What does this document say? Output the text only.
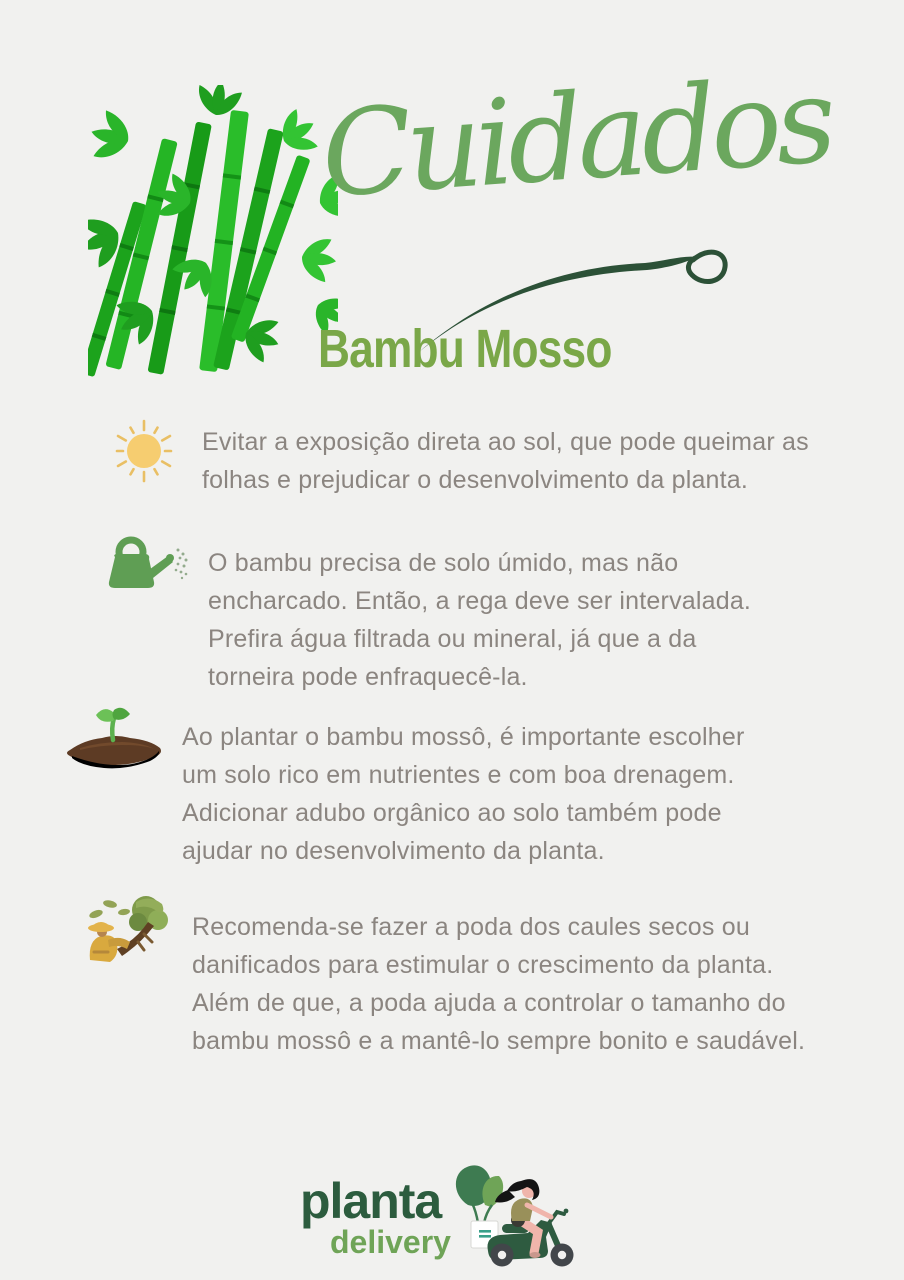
Cuidados
Bambu Mosso

Evitar a exposição direta ao sol, que pode queimar as folhas e prejudicar o desenvolvimento da planta.

O bambu precisa de solo úmido, mas não encharcado. Então, a rega deve ser intervalada. Prefira água filtrada ou mineral, já que a da torneira pode enfraquecê-la.

Ao plantar o bambu mossô, é importante escolher um solo rico em nutrientes e com boa drenagem. Adicionar adubo orgânico ao solo também pode ajudar no desenvolvimento da planta.

Recomenda-se fazer a poda dos caules secos ou danificados para estimular o crescimento da planta. Além de que, a poda ajuda a controlar o tamanho do bambu mossô e a mantê-lo sempre bonito e saudável.

planta
delivery
